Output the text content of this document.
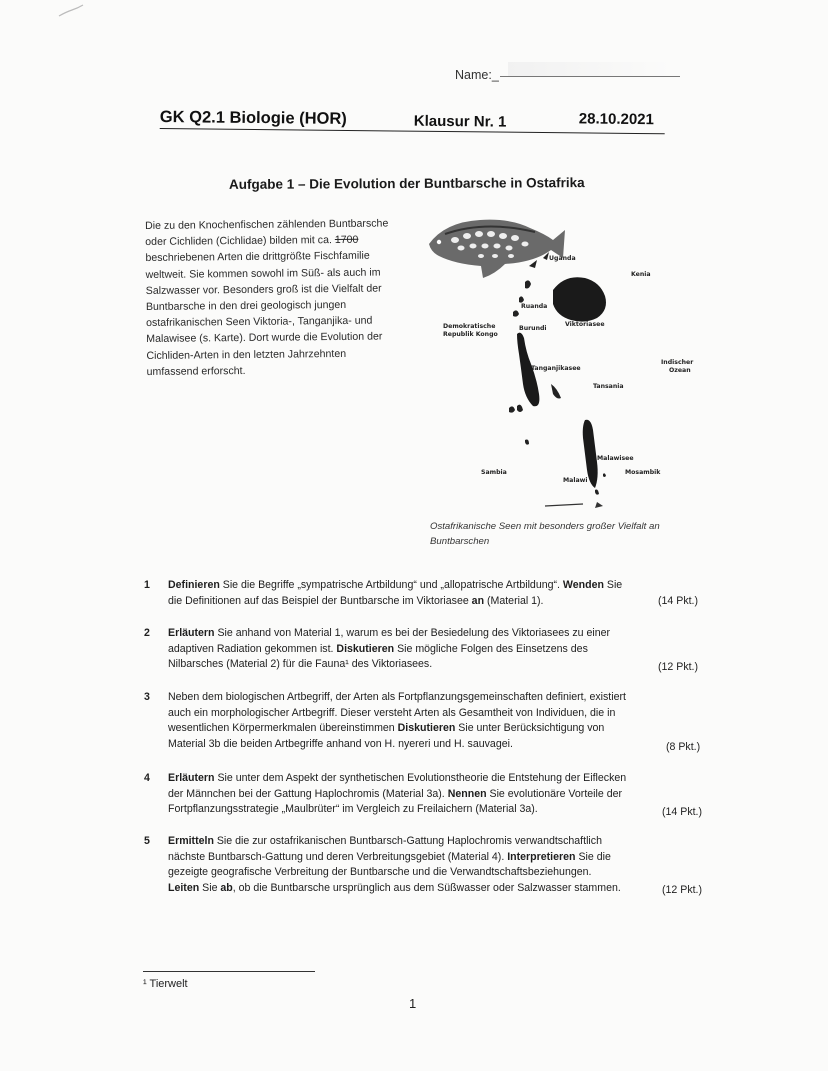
Name:_
GK Q2.1 Biologie (HOR)	Klausur Nr. 1	28.10.2021
Aufgabe 1 – Die Evolution der Buntbarsche in Ostafrika

Die zu den Knochenfischen zählenden Buntbarsche

oder Cichliden (Cichlidae) bilden mit ca. 1700

beschriebenen Arten die drittgrößte Fischfamilie

weltweit. Sie kommen sowohl im Süß- als auch im

Salzwasser vor. Besonders groß ist die Vielfalt der

Buntbarsche in den drei geologisch jungen

ostafrikanischen Seen Viktoria-, Tanganjika- und

Malawisee (s. Karte). Dort wurde die Evolution der

Cichliden-Arten in den letzten Jahrzehnten

umfassend erforscht.

Uganda
Kenia
Ruanda
Burundi
Viktoriasee
Demokratische
Republik Kongo
Tanganjikasee
Tansania
Indischer
Ozean
Malawisee
Sambia
Malawi
Mosambik
Ostafrikanische Seen mit besonders großer Vielfalt an
Buntbarschen
1	Definieren Sie die Begriffe „sympatrische Artbildung“ und „allopatrische Artbildung“. Wenden Sie
die Definitionen auf das Beispiel der Buntbarsche im Viktoriasee an (Material 1).	(14 Pkt.)
2	Erläutern Sie anhand von Material 1, warum es bei der Besiedelung des Viktoriasees zu einer
adaptiven Radiation gekommen ist. Diskutieren Sie mögliche Folgen des Einsetzens des
Nilbarsches (Material 2) für die Fauna¹ des Viktoriasees.	(12 Pkt.)
3	Neben dem biologischen Artbegriff, der Arten als Fortpflanzungsgemeinschaften definiert, existiert
auch ein morphologischer Artbegriff. Dieser versteht Arten als Gesamtheit von Individuen, die in
wesentlichen Körpermerkmalen übereinstimmen Diskutieren Sie unter Berücksichtigung von
Material 3b die beiden Artbegriffe anhand von H. nyereri und H. sauvagei.	(8 Pkt.)
4	Erläutern Sie unter dem Aspekt der synthetischen Evolutionstheorie die Entstehung der Eiflecken
der Männchen bei der Gattung Haplochromis (Material 3a). Nennen Sie evolutionäre Vorteile der
Fortpflanzungsstrategie „Maulbrüter“ im Vergleich zu Freilaichern (Material 3a).	(14 Pkt.)
5	Ermitteln Sie die zur ostafrikanischen Buntbarsch-Gattung Haplochromis verwandtschaftlich
nächste Buntbarsch-Gattung und deren Verbreitungsgebiet (Material 4). Interpretieren Sie die
gezeigte geografische Verbreitung der Buntbarsche und die Verwandtschaftsbeziehungen.
Leiten Sie ab, ob die Buntbarsche ursprünglich aus dem Süßwasser oder Salzwasser stammen.	(12 Pkt.)
¹ Tierwelt
1
